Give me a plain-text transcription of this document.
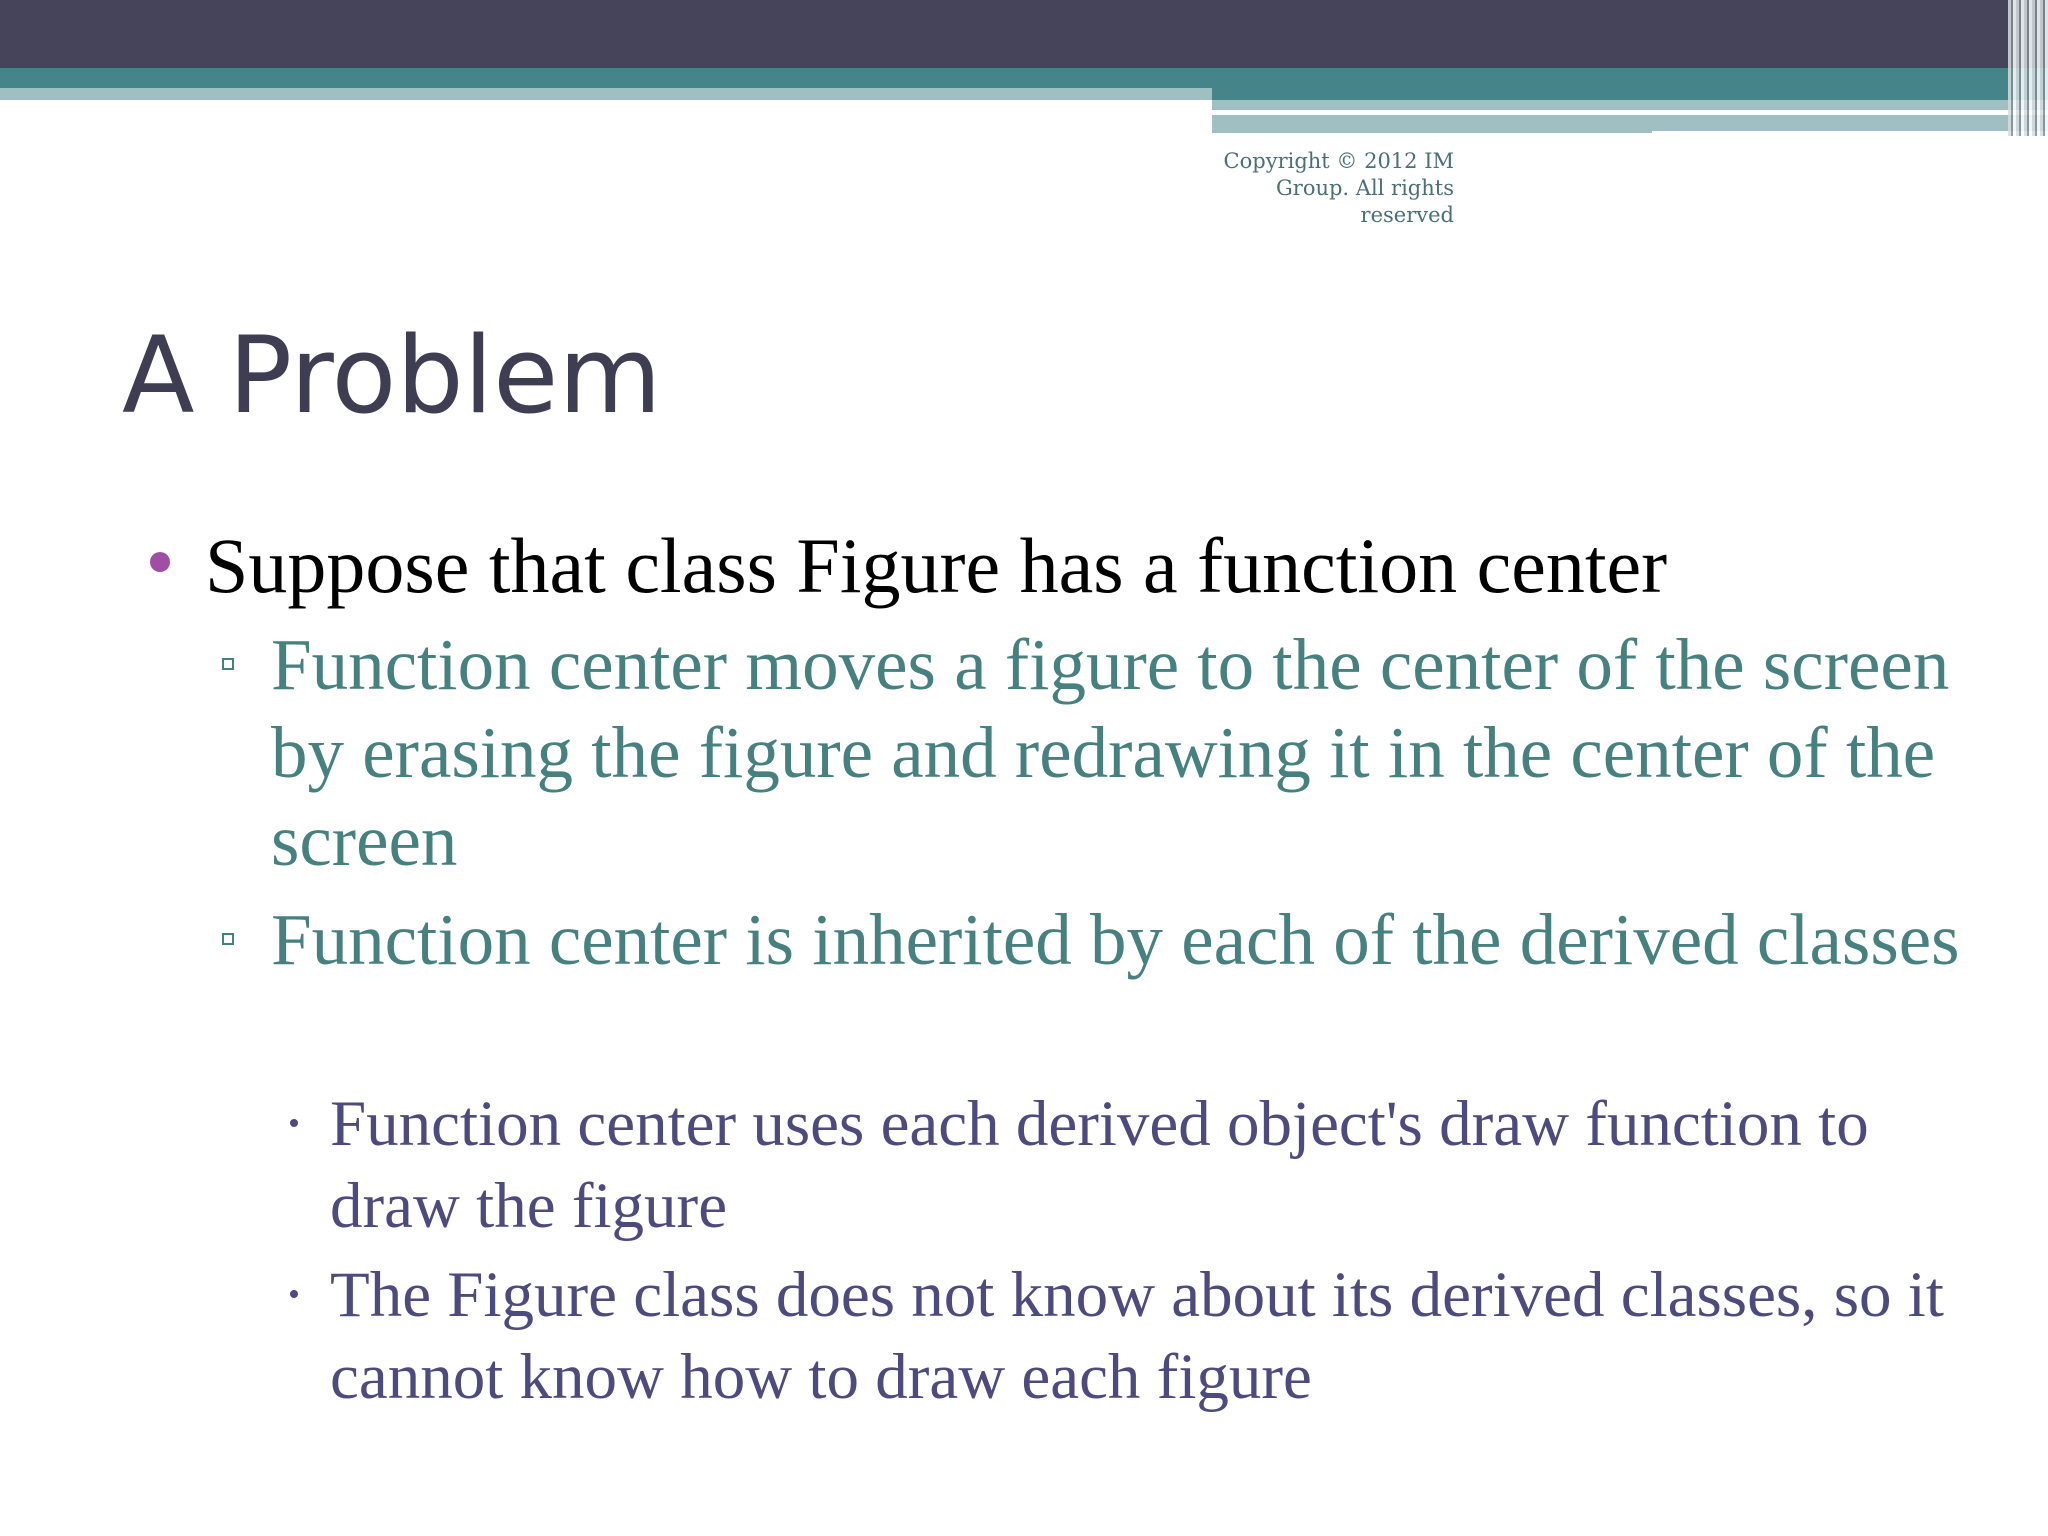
Copyright © 2012 IM Group. All rights reserved
A Problem
Suppose that class Figure has a function center
Function center moves a figure to the center of the screen by erasing the figure and redrawing it in the center of the screen
Function center is inherited by each of the derived classes
Function center uses each derived object's draw function to draw the figure
The Figure class does not know about its derived classes, so it cannot know how to draw each figure
